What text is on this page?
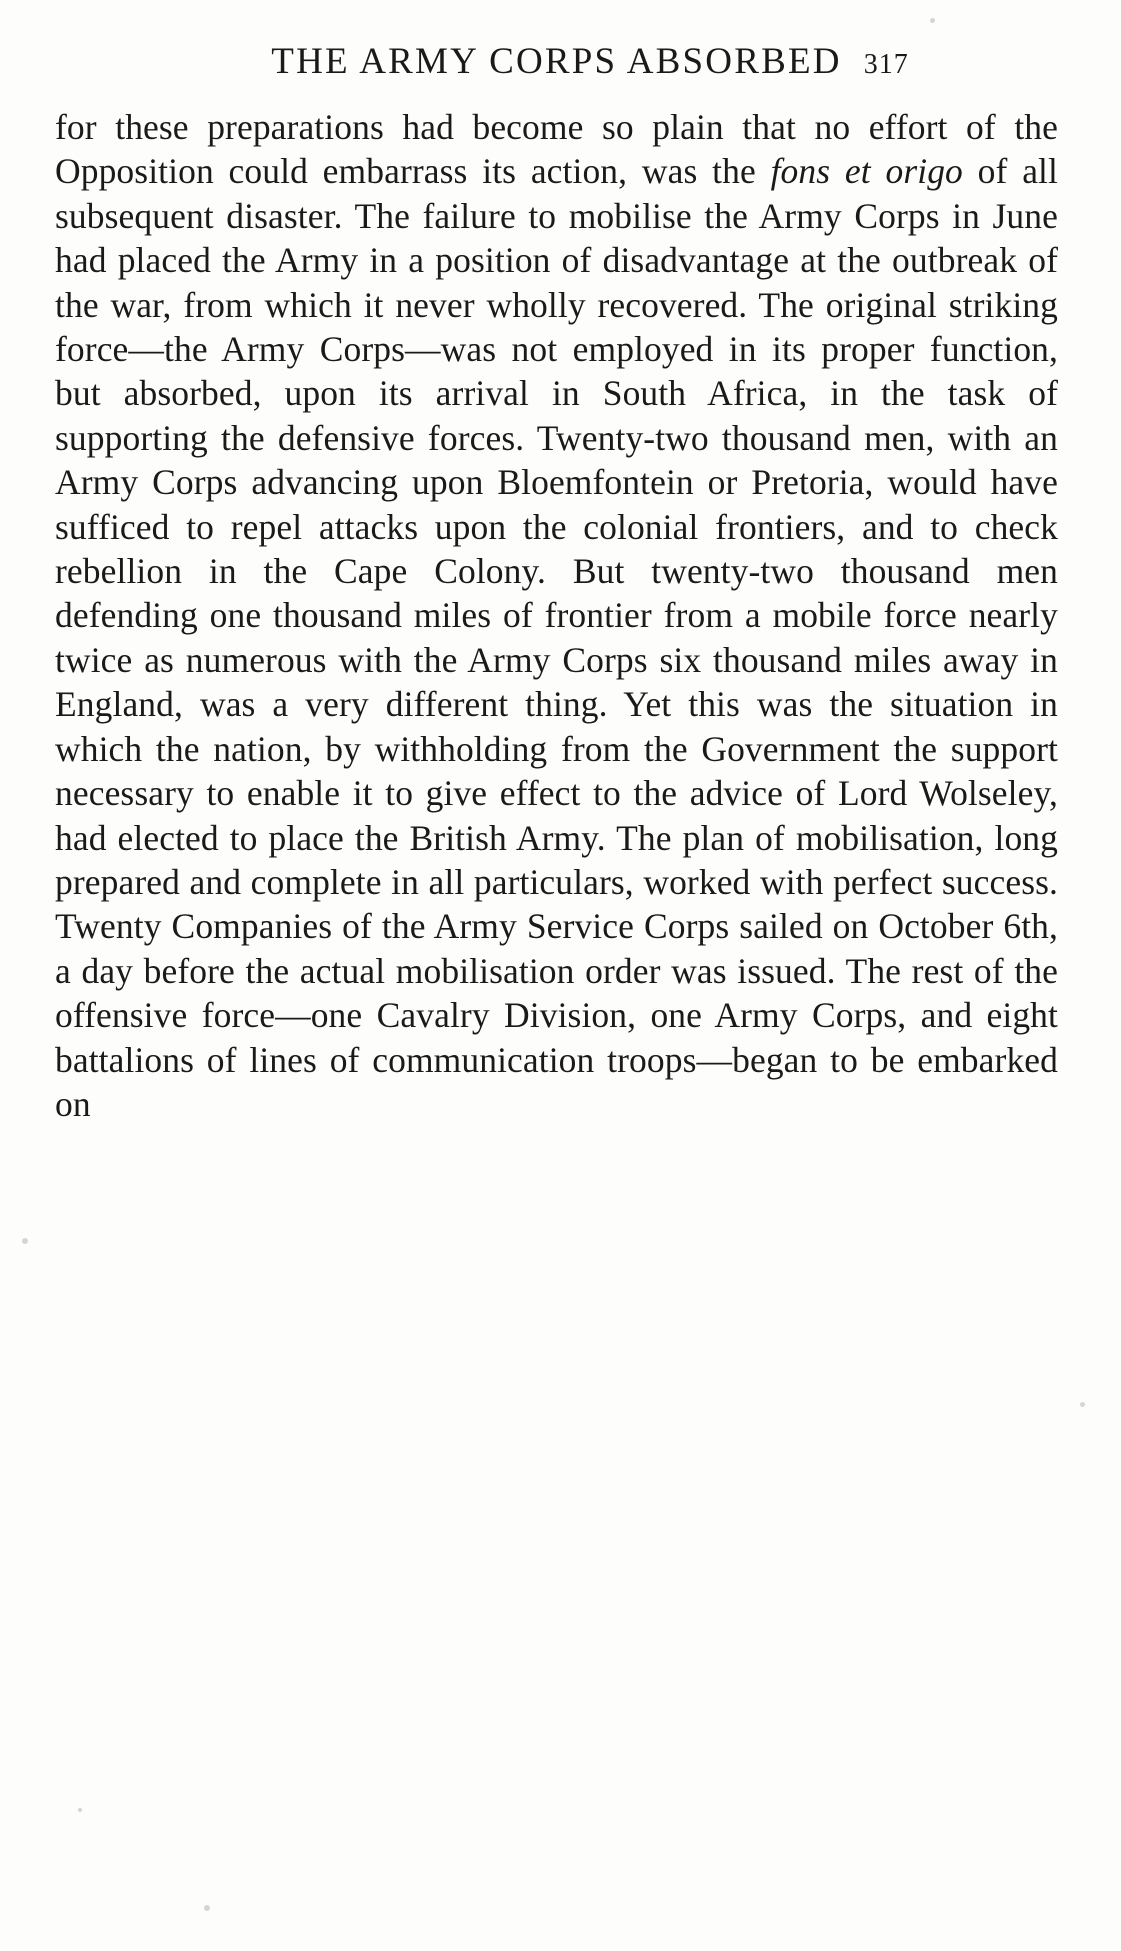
THE ARMY CORPS ABSORBED 317

for these preparations had become so plain that no effort of the Opposition could embarrass its action, was the fons et origo of all subsequent disaster. The failure to mobilise the Army Corps in June had placed the Army in a position of disadvantage at the outbreak of the war, from which it never wholly recovered. The original striking force—the Army Corps—was not employed in its proper function, but absorbed, upon its arrival in South Africa, in the task of supporting the defensive forces. Twenty-two thousand men, with an Army Corps advancing upon Bloemfontein or Pretoria, would have sufficed to repel attacks upon the colonial frontiers, and to check rebellion in the Cape Colony. But twenty-two thousand men defending one thousand miles of frontier from a mobile force nearly twice as numerous with the Army Corps six thousand miles away in England, was a very different thing. Yet this was the situation in which the nation, by withholding from the Government the support necessary to enable it to give effect to the advice of Lord Wolseley, had elected to place the British Army. The plan of mobilisation, long prepared and complete in all particulars, worked with perfect success. Twenty Companies of the Army Service Corps sailed on October 6th, a day before the actual mobilisation order was issued. The rest of the offensive force—one Cavalry Division, one Army Corps, and eight battalions of lines of communication troops—began to be embarked on
